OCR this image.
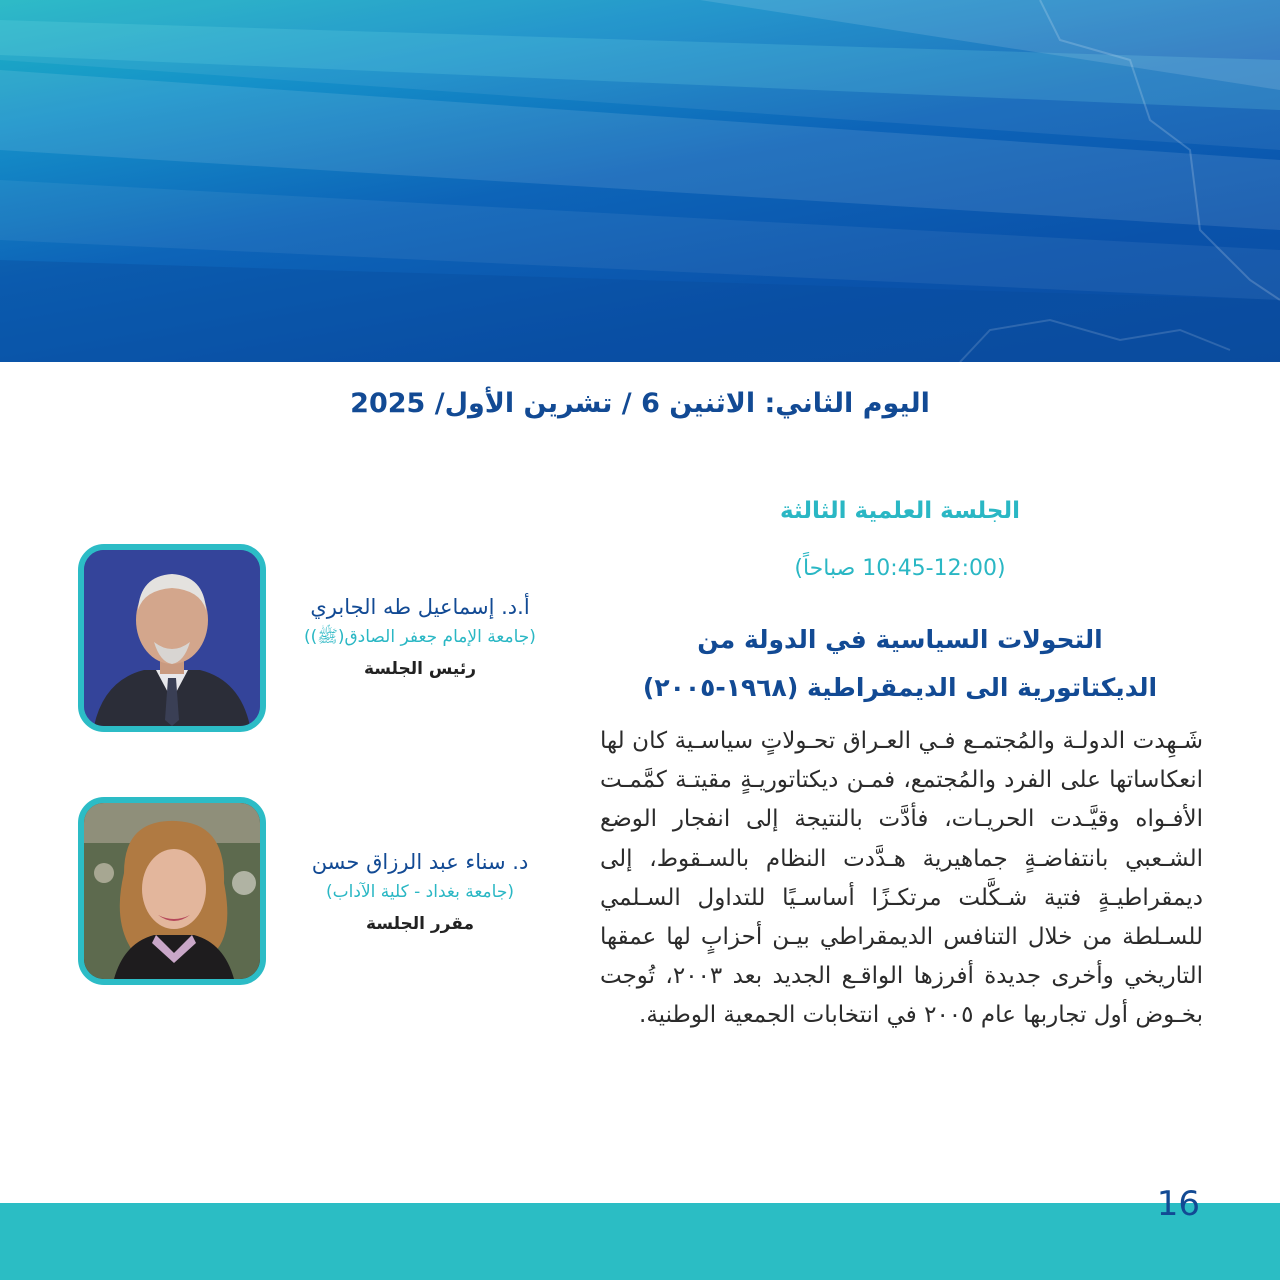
اليوم الثاني: الاثنين 6 / تشرين الأول/ 2025
الجلسة العلمية الثالثة

(10:45-12:00 صباحاً)

التحولات السياسية في الدولة من
الديكتاتورية الى الديمقراطية (١٩٦٨-٢٠٠٥)

شَـهِدت الدولـة والمُجتمـع فـي العـراق تحـولاتٍ سياسـية كان لها انعكاساتها على الفرد والمُجتمع، فمـن ديكتاتوريـةٍ مقيتـة كمَّمـت الأفـواه وقيَّـدت الحريـات، فأدَّت بالنتيجة إلى انفجار الوضع الشـعبي بانتفاضـةٍ جماهيرية هـدَّدت النظام بالسـقوط، إلى ديمقراطيـةٍ فتية شـكَّلت مرتكـزًا أساسـيًا للتداول السـلمي للسـلطة من خلال التنافس الديمقراطي بيـن أحزابٍ لها عمقها التاريخي وأخرى جديدة أفرزها الواقـع الجديد بعد ٢٠٠٣، تُوجت بخـوض أول تجاربها عام ٢٠٠٥ في انتخابات الجمعية الوطنية.

أ.د. إسماعيل طه الجابري

(جامعة الإمام جعفر الصادق(ﷺ))

رئيس الجلسة

د. سناء عبد الرزاق حسن

(جامعة بغداد - كلية الآداب)

مقرر الجلسة

16
